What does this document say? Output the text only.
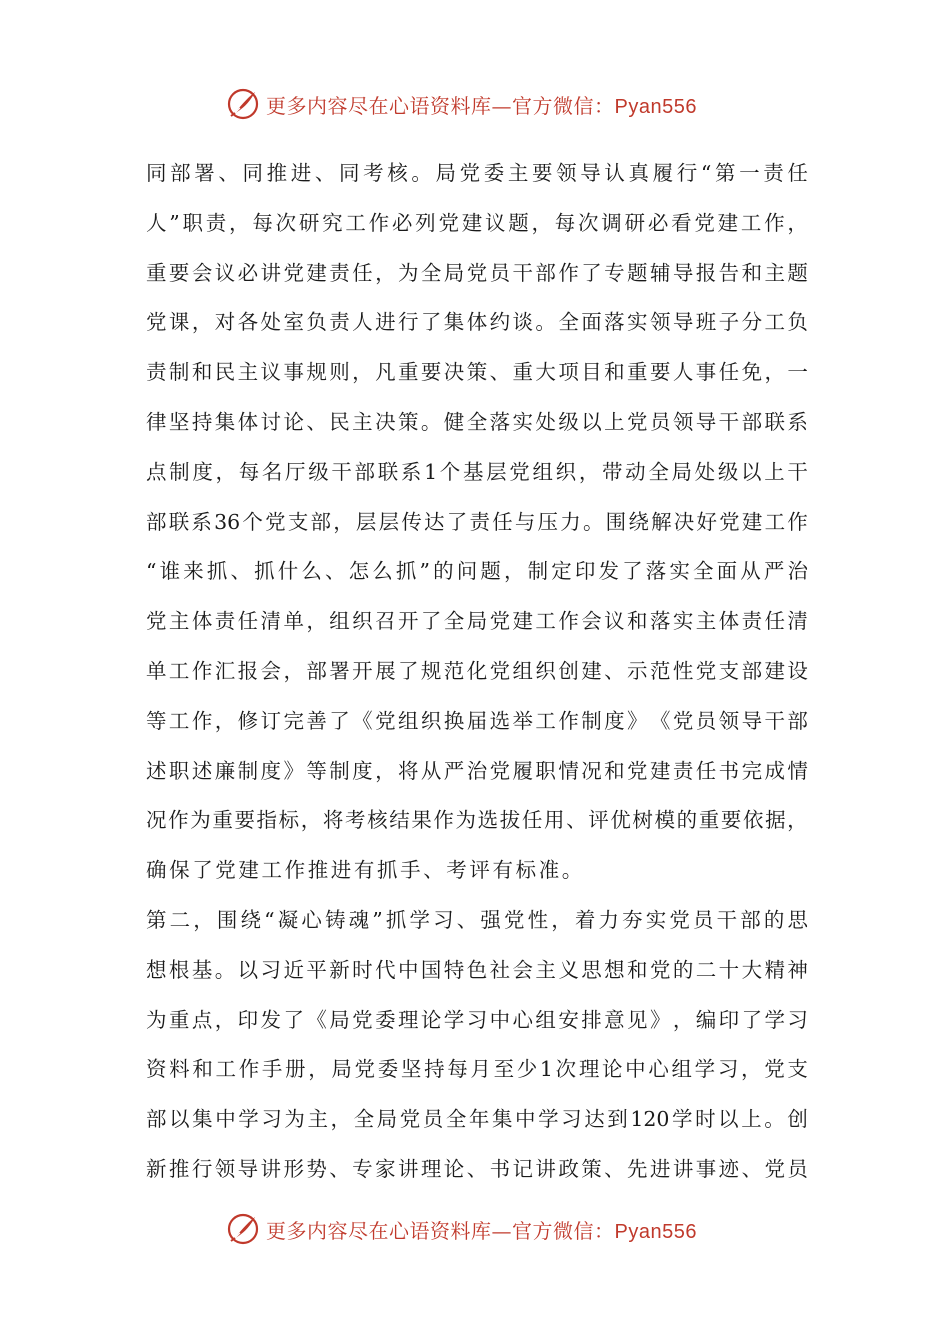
更多内容尽在心语资料库—官方微信：Pyan556
同 部 署 、 同 推 进 、 同 考 核 。 局 党 委 主 要 领 导 认 真 履 行 “ 第 一 责 任
人 ” 职 责 ， 每 次 研 究 工 作 必 列 党 建 议 题 ， 每 次 调 研 必 看 党 建 工 作 ，
重 要 会 议 必 讲 党 建 责 任 ， 为 全 局 党 员 干 部 作 了 专 题 辅 导 报 告 和 主 题
党 课 ， 对 各 处 室 负 责 人 进 行 了 集 体 约 谈 。 全 面 落 实 领 导 班 子 分 工 负
责 制 和 民 主 议 事 规 则 ， 凡 重 要 决 策 、 重 大 项 目 和 重 要 人 事 任 免 ， 一
律 坚 持 集 体 讨 论 、 民 主 决 策 。 健 全 落 实 处 级 以 上 党 员 领 导 干 部 联 系
点 制 度 ， 每 名 厅 级 干 部 联 系 1 个 基 层 党 组 织 ， 带 动 全 局 处 级 以 上 干
部 联 系 36 个 党 支 部 ， 层 层 传 达 了 责 任 与 压 力 。 围 绕 解 决 好 党 建 工 作
“ 谁 来 抓 、 抓 什 么 、 怎 么 抓 ” 的 问 题 ， 制 定 印 发 了 落 实 全 面 从 严 治
党 主 体 责 任 清 单 ， 组 织 召 开 了 全 局 党 建 工 作 会 议 和 落 实 主 体 责 任 清
单 工 作 汇 报 会 ， 部 署 开 展 了 规 范 化 党 组 织 创 建 、 示 范 性 党 支 部 建 设
等 工 作 ， 修 订 完 善 了 《 党 组 织 换 届 选 举 工 作 制 度 》 《 党 员 领 导 干 部
述 职 述 廉 制 度 》 等 制 度 ， 将 从 严 治 党 履 职 情 况 和 党 建 责 任 书 完 成 情
况 作 为 重 要 指 标 ， 将 考 核 结 果 作 为 选 拔 任 用 、 评 优 树 模 的 重 要 依 据 ，
确保了党建工作推进有抓手、考评有标准。
第 二 ， 围 绕 “ 凝 心 铸 魂 ” 抓 学 习 、 强 党 性 ， 着 力 夯 实 党 员 干 部 的 思
想 根 基 。 以 习 近 平 新 时 代 中 国 特 色 社 会 主 义 思 想 和 党 的 二 十 大 精 神
为 重 点 ， 印 发 了 《 局 党 委 理 论 学 习 中 心 组 安 排 意 见 》 ， 编 印 了 学 习
资 料 和 工 作 手 册 ， 局 党 委 坚 持 每 月 至 少 1 次 理 论 中 心 组 学 习 ， 党 支
部 以 集 中 学 习 为 主 ， 全 局 党 员 全 年 集 中 学 习 达 到 120 学 时 以 上 。 创
新 推 行 领 导 讲 形 势 、 专 家 讲 理 论 、 书 记 讲 政 策 、 先 进 讲 事 迹 、 党 员
更多内容尽在心语资料库—官方微信：Pyan556
